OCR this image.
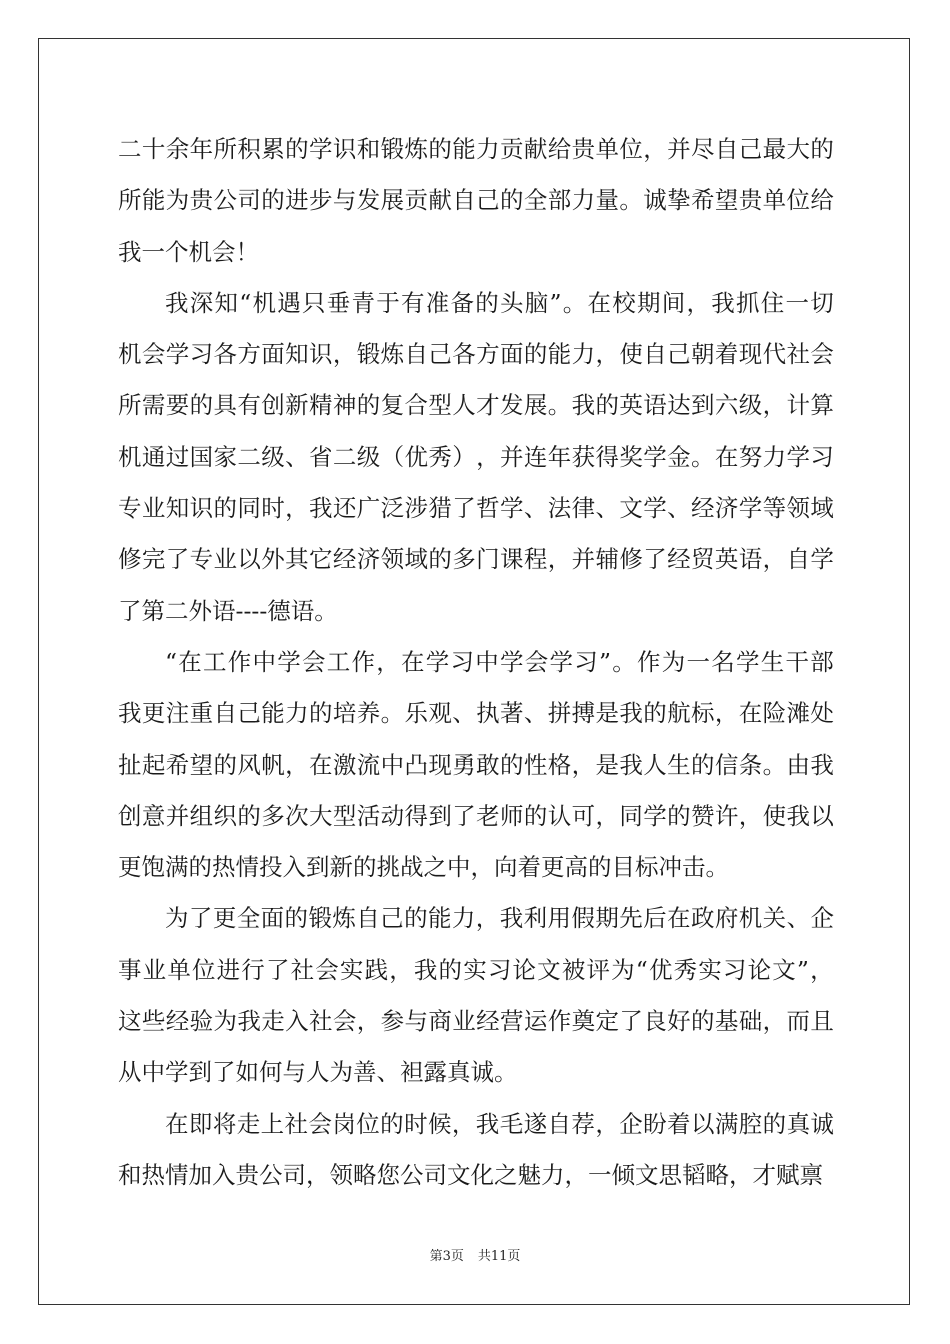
二 十 余 年 所 积 累 的 学 识 和 锻 炼 的 能 力 贡 献 给 贵 单 位 ， 并 尽 自 己 最 大 的
所 能 为 贵 公 司 的 进 步 与 发 展 贡 献 自 己 的 全 部 力 量 。 诚 挚 希 望 贵 单 位 给
我一个机会！
我 深 知 “ 机 遇 只 垂 青 于 有 准 备 的 头 脑 ” 。 在 校 期 间 ， 我 抓 住 一 切
机 会 学 习 各 方 面 知 识 ， 锻 炼 自 己 各 方 面 的 能 力 ， 使 自 己 朝 着 现 代 社 会
所 需 要 的 具 有 创 新 精 神 的 复 合 型 人 才 发 展 。 我 的 英 语 达 到 六 级 ， 计 算
机 通 过 国 家 二 级 、 省 二 级 （ 优 秀 ） ， 并 连 年 获 得 奖 学 金 。 在 努 力 学 习
专 业 知 识 的 同 时 ， 我 还 广 泛 涉 猎 了 哲 学 、 法 律 、 文 学 、 经 济 学 等 领 域
修 完 了 专 业 以 外 其 它 经 济 领 域 的 多 门 课 程 ， 并 辅 修 了 经 贸 英 语 ， 自 学
了第二外语----德语。
“ 在 工 作 中 学 会 工 作 ， 在 学 习 中 学 会 学 习 ” 。 作 为 一 名 学 生 干 部
我 更 注 重 自 己 能 力 的 培 养 。 乐 观 、 执 著 、 拼 搏 是 我 的 航 标 ， 在 险 滩 处
扯 起 希 望 的 风 帆 ， 在 激 流 中 凸 现 勇 敢 的 性 格 ， 是 我 人 生 的 信 条 。 由 我
创 意 并 组 织 的 多 次 大 型 活 动 得 到 了 老 师 的 认 可 ， 同 学 的 赞 许 ， 使 我 以
更饱满的热情投入到新的挑战之中，向着更高的目标冲击。
为 了 更 全 面 的 锻 炼 自 己 的 能 力 ， 我 利 用 假 期 先 后 在 政 府 机 关 、 企
事 业 单 位 进 行 了 社 会 实 践 ， 我 的 实 习 论 文 被 评 为 “ 优 秀 实 习 论 文 ” ，
这 些 经 验 为 我 走 入 社 会 ， 参 与 商 业 经 营 运 作 奠 定 了 良 好 的 基 础 ， 而 且
从中学到了如何与人为善、袒露真诚。
在 即 将 走 上 社 会 岗 位 的 时 候 ， 我 毛 遂 自 荐 ， 企 盼 着 以 满 腔 的 真 诚
和热情加入贵公司，领略您公司文化之魅力，一倾文思韬略，才赋禀
第3页 共11页
